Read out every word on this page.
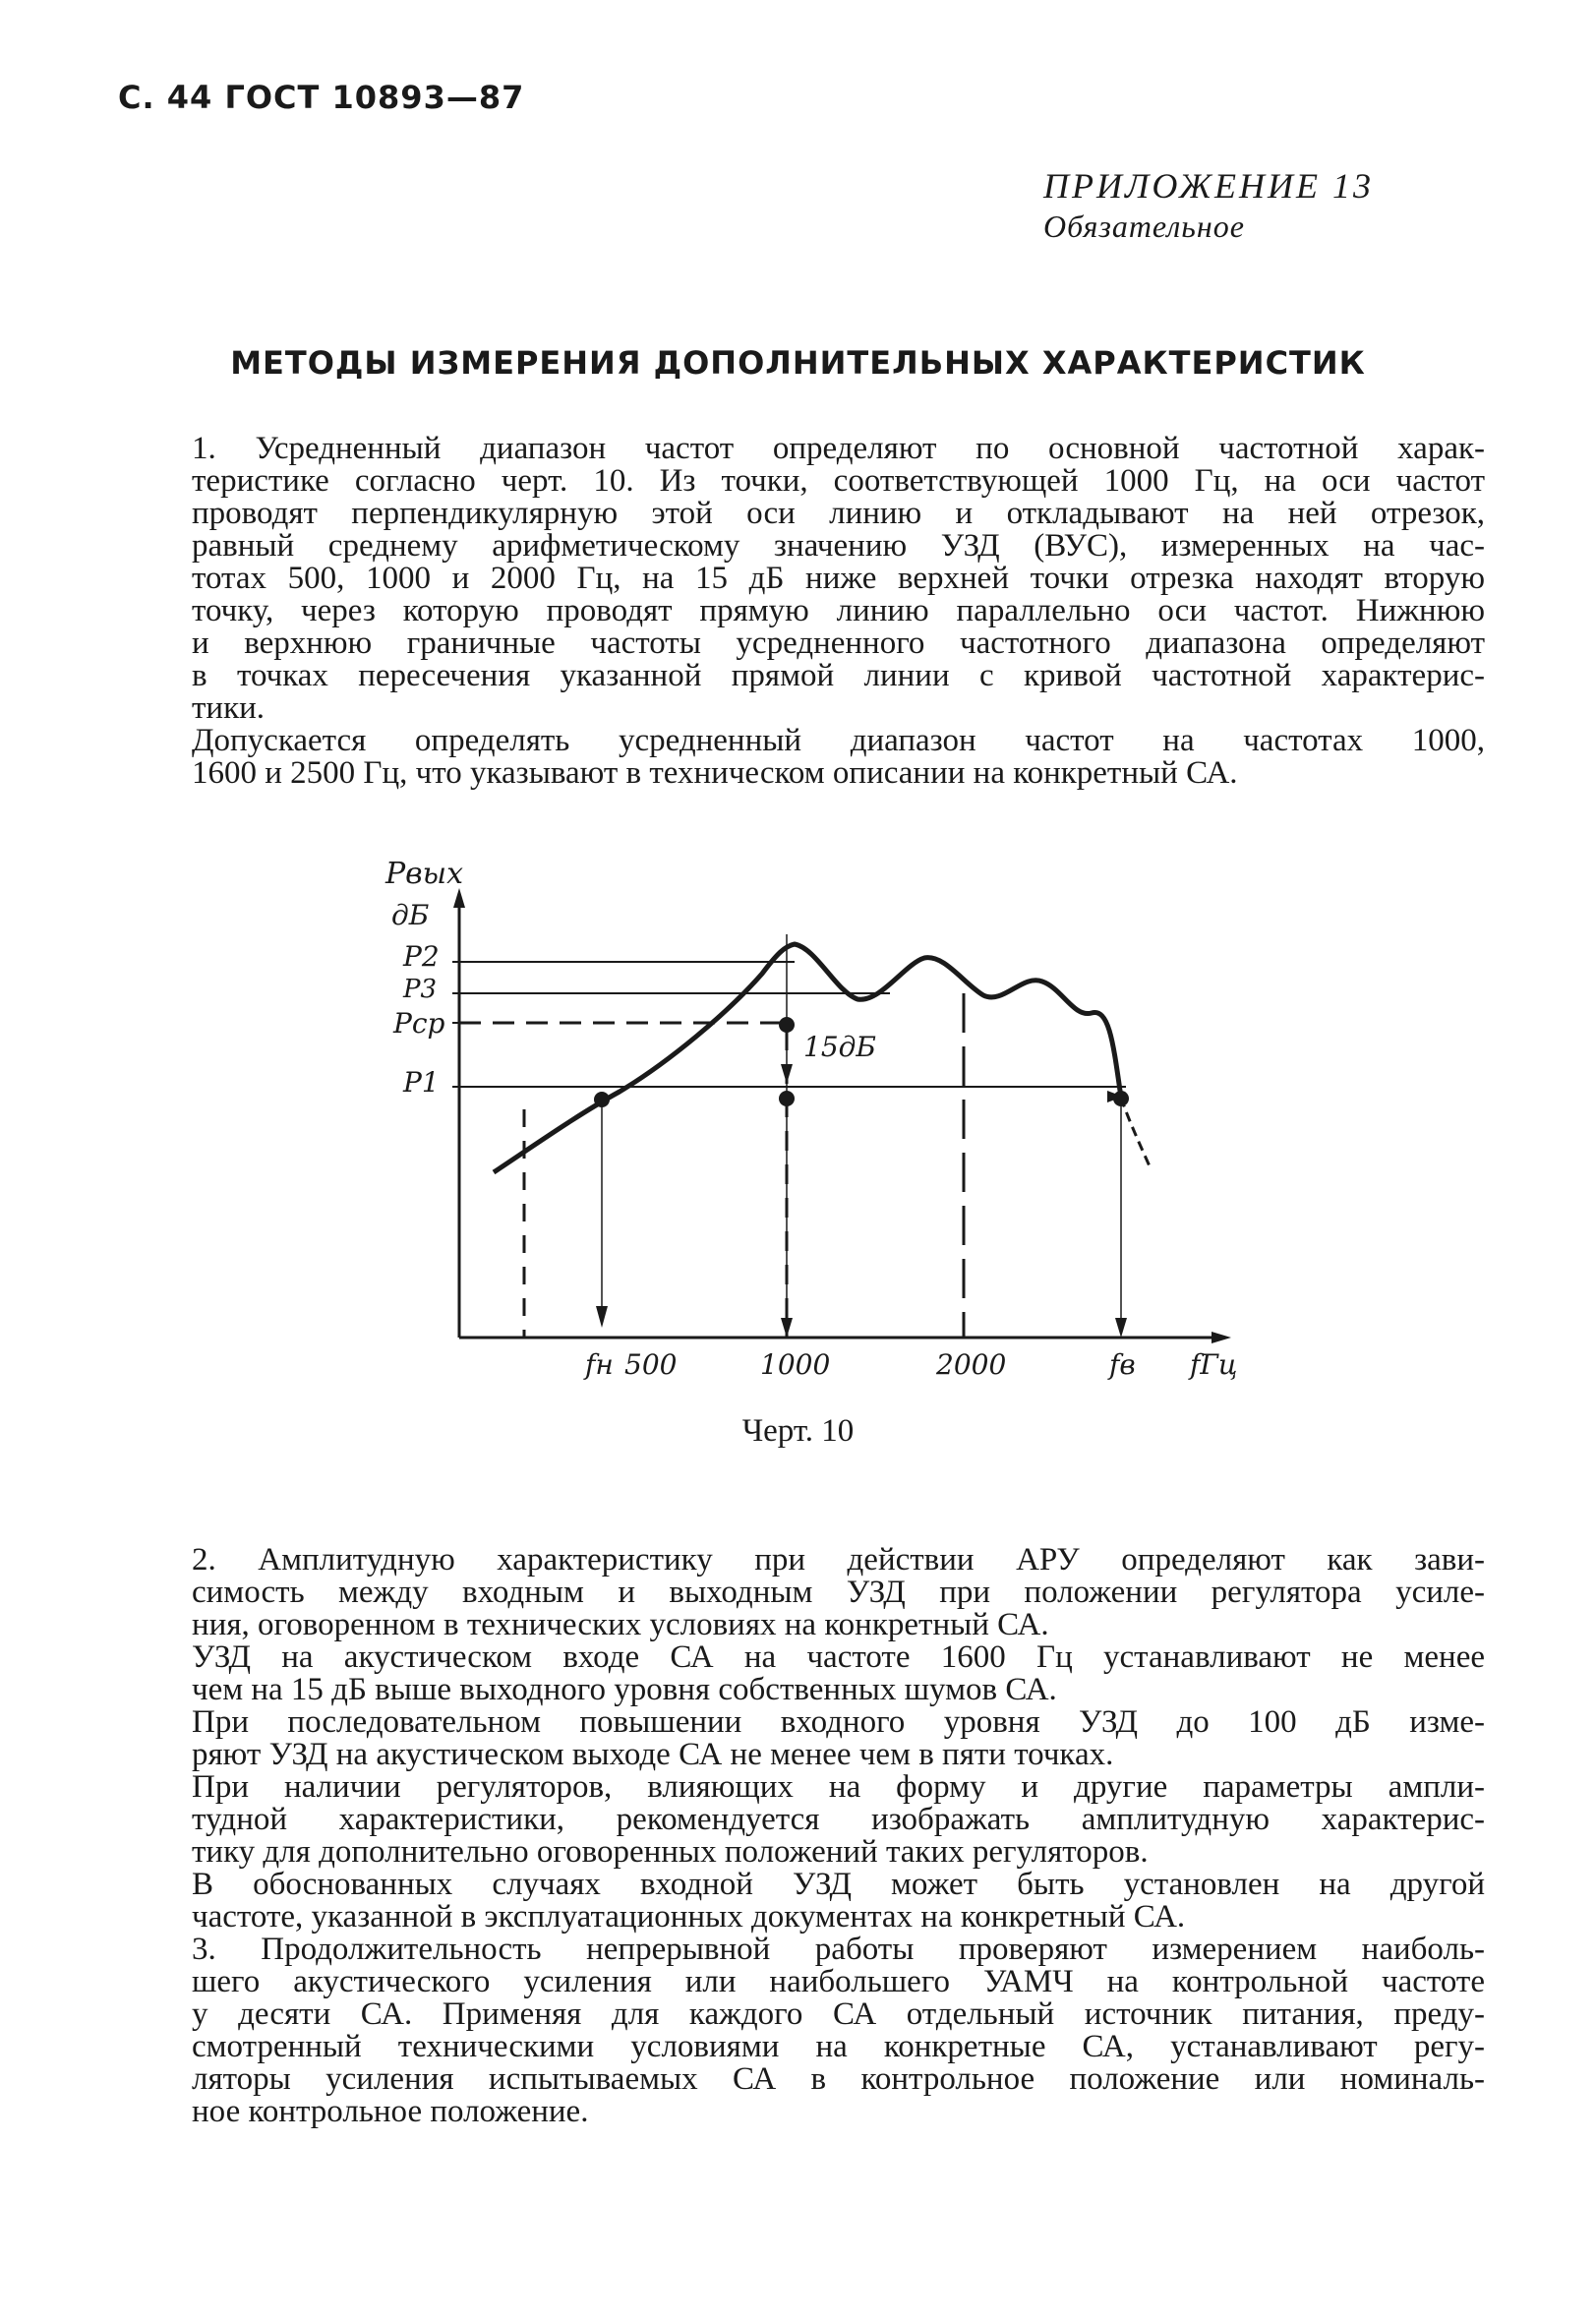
С. 44 ГОСТ 10893—87
ПРИЛОЖЕНИЕ 13
Обязательное
МЕТОДЫ ИЗМЕРЕНИЯ ДОПОЛНИТЕЛЬНЫХ ХАРАКТЕРИСТИК
1. Усредненный диапазон частот определяют по основной частотной харак-
теристике согласно черт. 10. Из точки, соответствующей 1000 Гц, на оси частот
проводят перпендикулярную этой оси линию и откладывают на ней отрезок,
равный среднему арифметическому значению УЗД (ВУС), измеренных на час-
тотах 500, 1000 и 2000 Гц, на 15 дБ ниже верхней точки отрезка находят вторую
точку, через которую проводят прямую линию параллельно оси частот. Нижнюю
и верхнюю граничные частоты усредненного частотного диапазона определяют
в точках пересечения указанной прямой линии с кривой частотной характерис-
тики.
Допускается определять усредненный диапазон частот на частотах 1000,
1600 и 2500 Гц, что указывают в техническом описании на конкретный СА.
Pвых
дБ
P2
P3
Pср
P1
15дБ
fн 500	1000	2000	fв fГц
Черт. 10
2. Амплитудную характеристику при действии АРУ определяют как зави-
симость между входным и выходным УЗД при положении регулятора усиле-
ния, оговоренном в технических условиях на конкретный СА.
УЗД на акустическом входе СА на частоте 1600 Гц устанавливают не менее
чем на 15 дБ выше выходного уровня собственных шумов СА.
При последовательном повышении входного уровня УЗД до 100 дБ изме-
ряют УЗД на акустическом выходе СА не менее чем в пяти точках.
При наличии регуляторов, влияющих на форму и другие параметры ампли-
тудной характеристики, рекомендуется изображать амплитудную характерис-
тику для дополнительно оговоренных положений таких регуляторов.
В обоснованных случаях входной УЗД может быть установлен на другой
частоте, указанной в эксплуатационных документах на конкретный СА.
3. Продолжительность непрерывной работы проверяют измерением наиболь-
шего акустического усиления или наибольшего УАМЧ на контрольной частоте
у десяти СА. Применяя для каждого СА отдельный источник питания, преду-
смотренный техническими условиями на конкретные СА, устанавливают регу-
ляторы усиления испытываемых СА в контрольное положение или номиналь-
ное контрольное положение.
